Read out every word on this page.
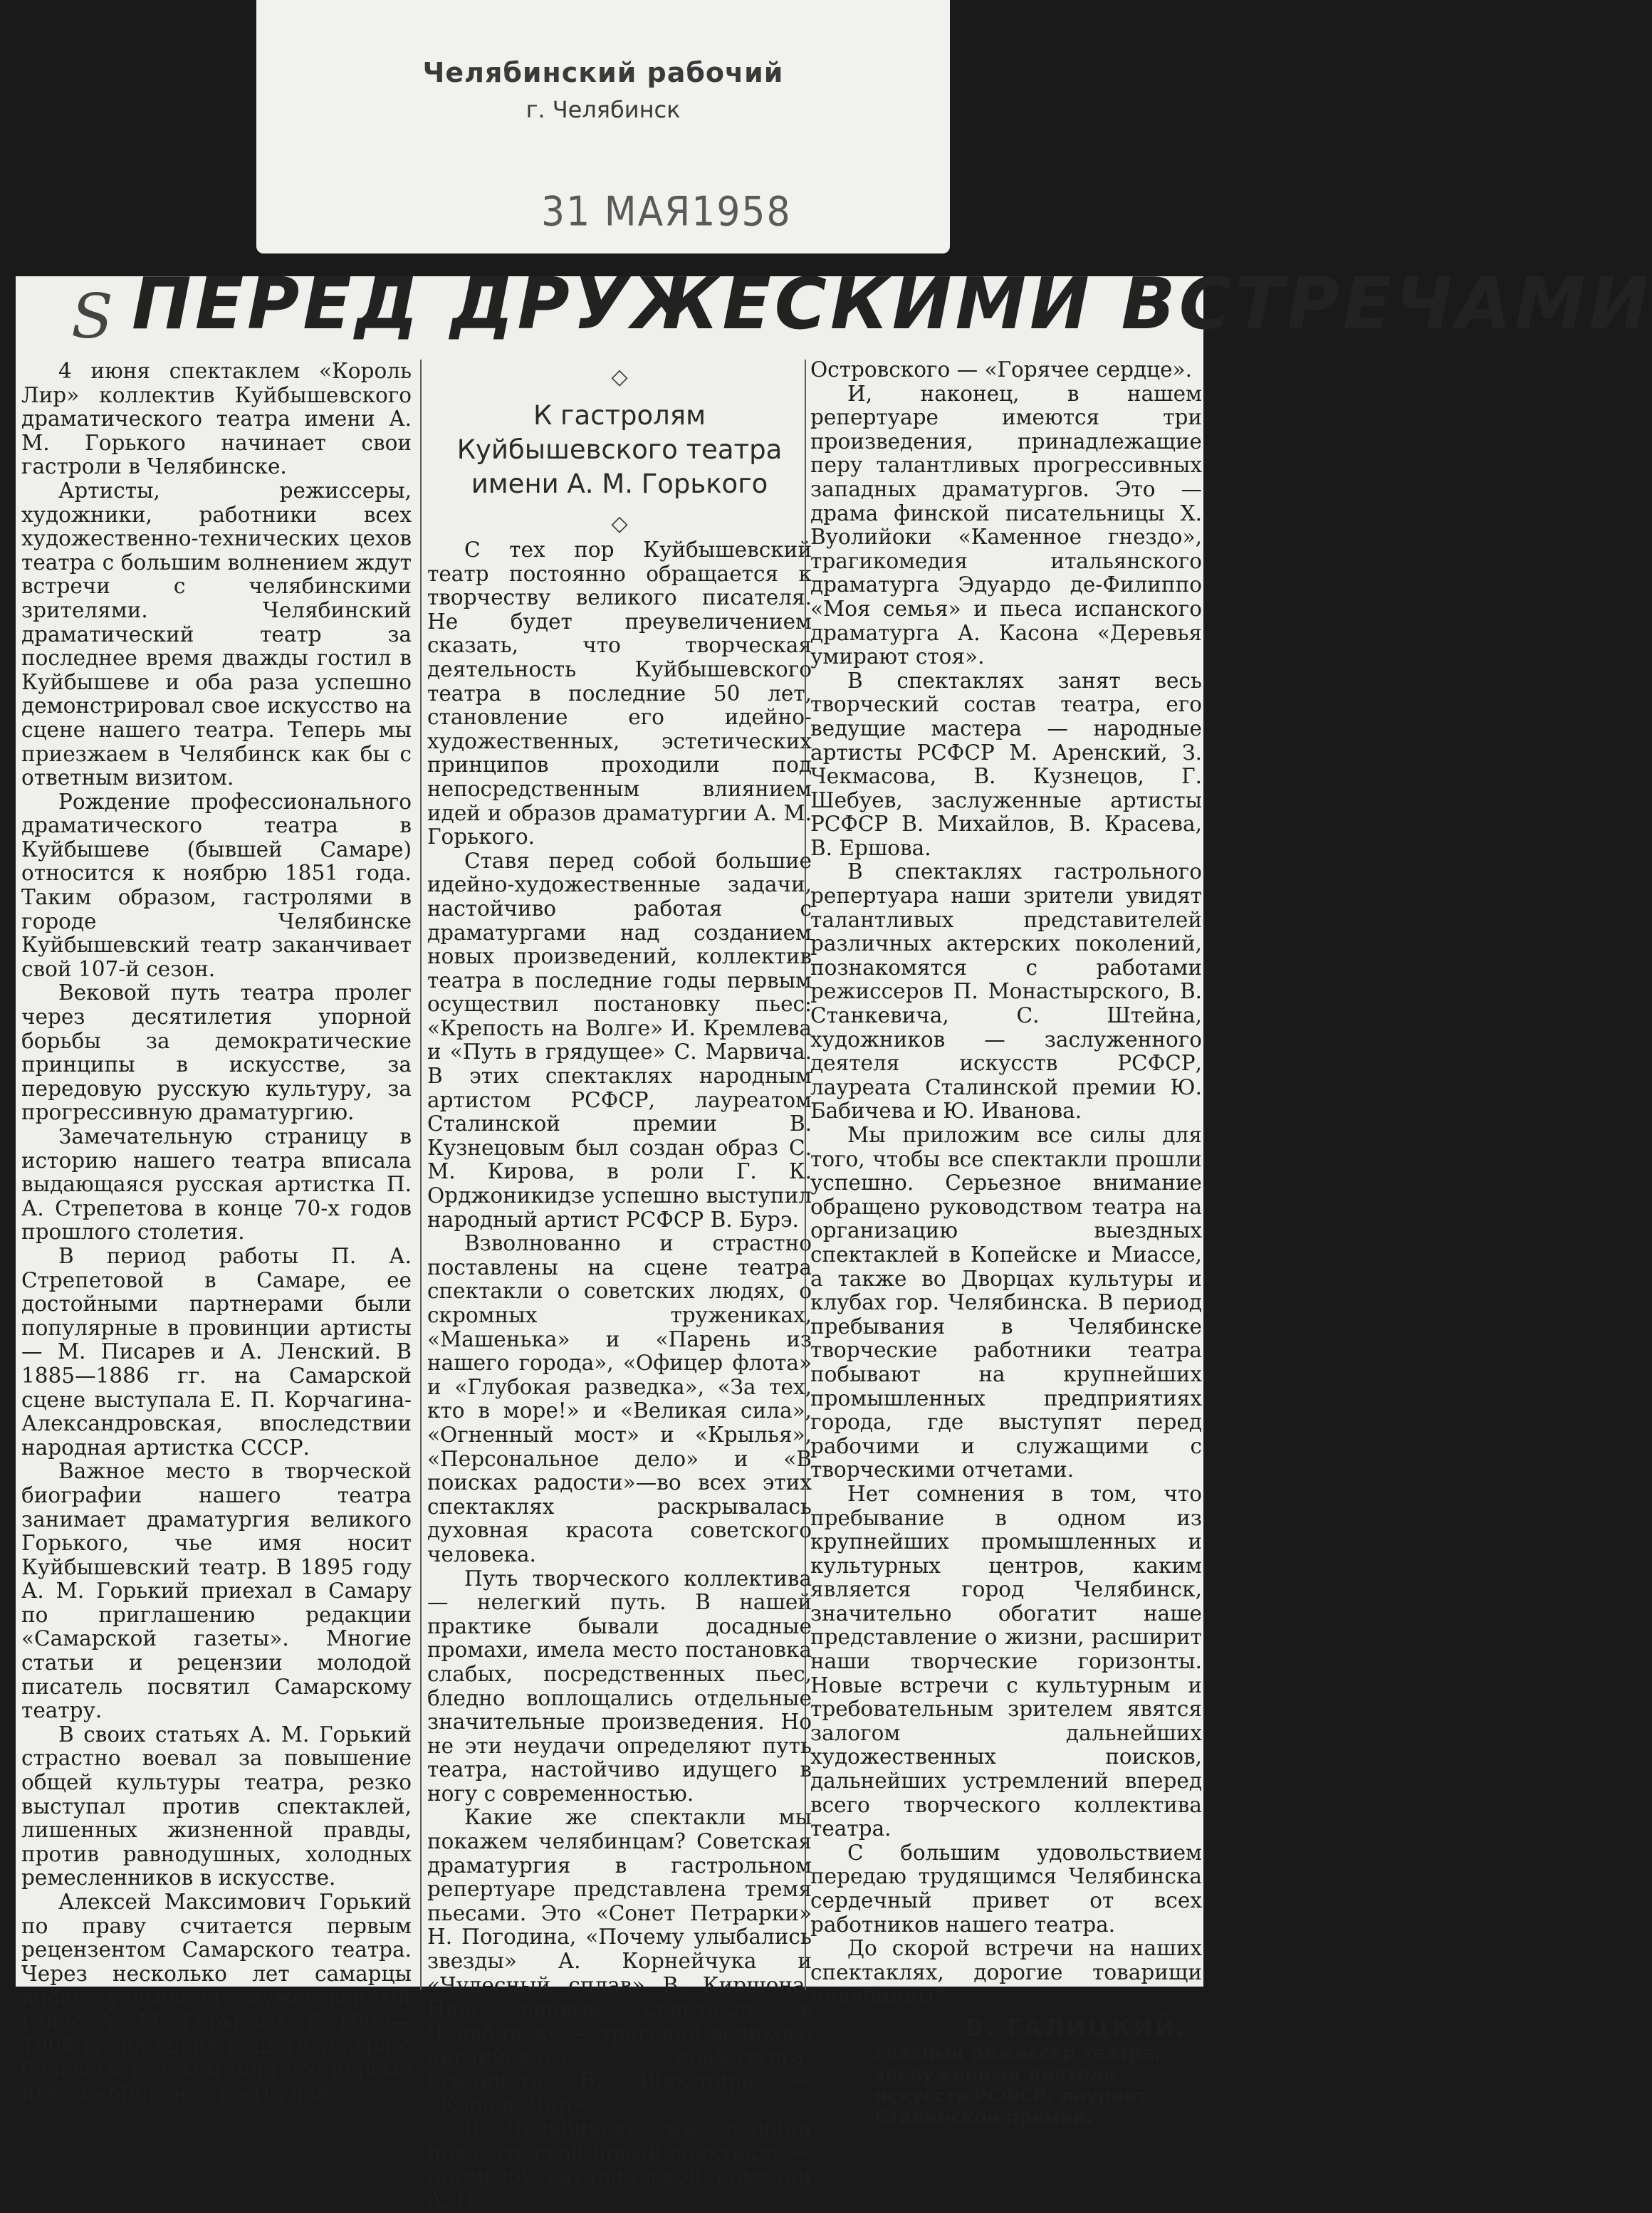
Челябинский рабочий
г. Челябинск
31 МАЯ1958
S ПЕРЕД ДРУЖЕСКИМИ ВСТРЕЧАМИ

4 июня спектаклем «Король Лир» коллектив Куйбышевского драматического театра имени А. М. Горького начинает свои гастроли в Челябинске.

Артисты, режиссеры, художники, работники всех художественно-технических цехов театра с большим волнением ждут встречи с челябинскими зрителями. Челябинский драматический театр за последнее время дважды гостил в Куйбышеве и оба раза успешно демонстрировал свое искусство на сцене нашего театра. Теперь мы приезжаем в Челябинск как бы с ответным визитом.

Рождение профессионального драматического театра в Куйбышеве (бывшей Самаре) относится к ноябрю 1851 года. Таким образом, гастролями в городе Челябинске Куйбышевский театр заканчивает свой 107-й сезон.

Вековой путь театра пролег через десятилетия упорной борьбы за демократические принципы в искусстве, за передовую русскую культуру, за прогрессивную драматургию.

Замечательную страницу в историю нашего театра вписала выдающаяся русская артистка П. А. Стрепетова в конце 70-х годов прошлого столетия.

В период работы П. А. Стрепетовой в Самаре, ее достойными партнерами были популярные в провинции артисты — М. Писарев и А. Ленский. В 1885—1886 гг. на Самарской сцене выступала Е. П. Корчагина-Александровская, впоследствии народная артистка СССР.

Важное место в творческой биографии нашего театра занимает драматургия великого Горького, чье имя носит Куйбышевский театр. В 1895 году А. М. Горький приехал в Самару по приглашению редакции «Самарской газеты». Многие статьи и рецензии молодой писатель посвятил Самарскому театру.

В своих статьях А. М. Горький страстно воевал за повышение общей культуры театра, резко выступал против спектаклей, лишенных жизненной правды, против равнодушных, холодных ремесленников в искусстве.

Алексей Максимович Горький по праву считается первым рецензентом Самарского театра. Через несколько лет самарцы вновь услышали мужественный голос А. М. Горького. В 1903—1904 гг. на сцене нашего театра с большим успехом шли его первые пьесы «Мещане» и «На дне».

◇
К гастролям Куйбышевского театра имени А. М. Горького
◇

С тех пор Куйбышевский театр постоянно обращается к творчеству великого писателя. Не будет преувеличением сказать, что творческая деятельность Куйбышевского театра в последние 50 лет, становление его идейно-художественных, эстетических принципов проходили под непосредственным влиянием идей и образов драматургии А. М. Горького.

Ставя перед собой большие идейно-художественные задачи, настойчиво работая с драматургами над созданием новых произведений, коллектив театра в последние годы первым осуществил постановку пьес: «Крепость на Волге» И. Кремлева и «Путь в грядущее» С. Марвича. В этих спектаклях народным артистом РСФСР, лауреатом Сталинской премии В. Кузнецовым был создан образ С. М. Кирова, в роли Г. К. Орджоникидзе успешно выступил народный артист РСФСР В. Бурэ.

Взволнованно и страстно поставлены на сцене театра спектакли о советских людях, о скромных тружениках, «Машенька» и «Парень из нашего города», «Офицер флота» и «Глубокая разведка», «За тех, кто в море!» и «Великая сила», «Огненный мост» и «Крылья», «Персональное дело» и «В поисках радости»—во всех этих спектаклях раскрывалась духовная красота советского человека.

Путь творческого коллектива — нелегкий путь. В нашей практике бывали досадные промахи, имела место постановка слабых, посредственных пьес, бледно воплощались отдельные значительные произведения. Но не эти неудачи определяют путь театра, настойчиво идущего в ногу с современностью.

Какие же спектакли мы покажем челябинцам? Советская драматургия в гастрольном репертуаре представлена тремя пьесами. Это «Сонет Петрарки» Н. Погодина, «Почему улыбались звезды» А. Корнейчука и «Чудесный сплав» В. Киршона. Наш первый спектакль в Челябинске — трагедия великого английского драматурга-гуманиста В. Шекспира — «Король Лир».

В Челябинске мы решили показать свой новый спектакль — премьеру сатирической комедии А. Н.

Островского — «Горячее сердце».

И, наконец, в нашем репертуаре имеются три произведения, принадлежащие перу талантливых прогрессивных западных драматургов. Это — драма финской писательницы Х. Вуолийоки «Каменное гнездо», трагикомедия итальянского драматурга Эдуардо де-Филиппо «Моя семья» и пьеса испанского драматурга А. Касона «Деревья умирают стоя».

В спектаклях занят весь творческий состав театра, его ведущие мастера — народные артисты РСФСР М. Аренский, З. Чекмасова, В. Кузнецов, Г. Шебуев, заслуженные артисты РСФСР В. Михайлов, В. Красева, В. Ершова.

В спектаклях гастрольного репертуара наши зрители увидят талантливых представителей различных актерских поколений, познакомятся с работами режиссеров П. Монастырского, В. Станкевича, С. Штейна, художников — заслуженного деятеля искусств РСФСР, лауреата Сталинской премии Ю. Бабичева и Ю. Иванова.

Мы приложим все силы для того, чтобы все спектакли прошли успешно. Серьезное внимание обращено руководством театра на организацию выездных спектаклей в Копейске и Миассе, а также во Дворцах культуры и клубах гор. Челябинска. В период пребывания в Челябинске творческие работники театра побывают на крупнейших промышленных предприятиях города, где выступят перед рабочими и служащими с творческими отчетами.

Нет сомнения в том, что пребывание в одном из крупнейших промышленных и культурных центров, каким является город Челябинск, значительно обогатит наше представление о жизни, расширит наши творческие горизонты. Новые встречи с культурным и требовательным зрителем явятся залогом дальнейших художественных поисков, дальнейших устремлений вперед всего творческого коллектива театра.

С большим удовольствием передаю трудящимся Челябинска сердечный привет от всех работников нашего театра.

До скорой встречи на наших спектаклях, дорогие товарищи челябинцы!

В. ГАЛИЦКИЙ,
главный режиссер театра, заслуженный деятель искусств РСФСР, лауреат Сталинской премии.
